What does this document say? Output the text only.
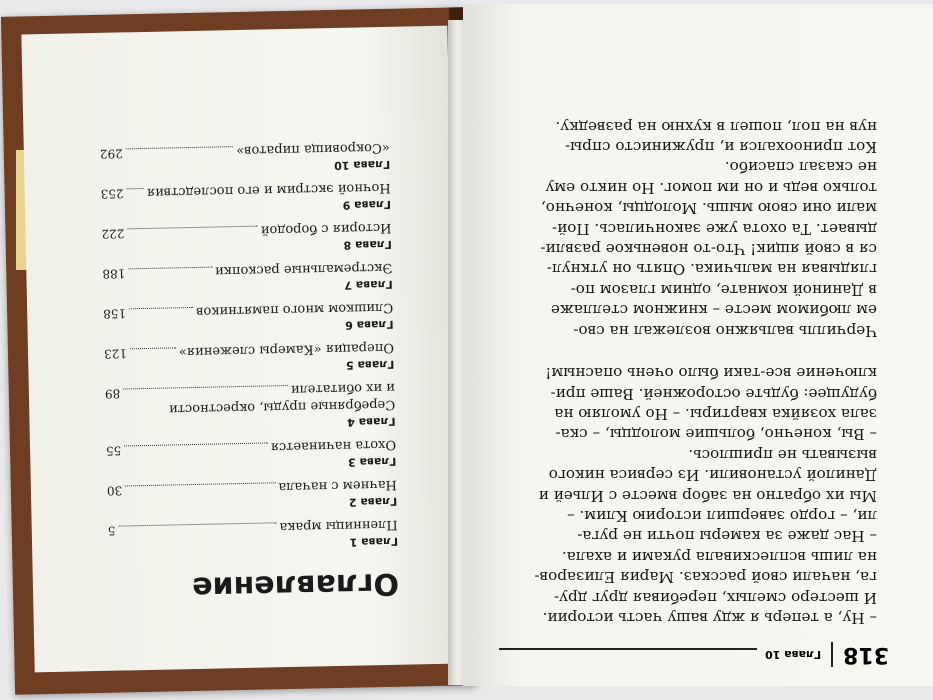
Оглавление
Глава 1
Пленницы мрака
5
Глава 2
Начнем с начала
30
Глава 3
Охота начинается
55
Глава 4
Серебряные пруды, окрестности
и их обитатели
89
Глава 5
Операция «Камеры слежения»
123
Глава 6
Слишком много памятников
158
Глава 7
Экстремальные раскопки
188
Глава 8
История с бородой
222
Глава 9
Ночной экстрим и его последствия
253
Глава 10
«Сокровища пиратов»
292
318
Глава 10

– Ну, а теперь я жду вашу часть истории.

И шестеро смелых, перебивая друг дру-

га, начали свой рассказ. Мария Елизаров-

на лишь всплескивала руками и ахала.

– Нас даже за камеры почти не руга-

ли, – гордо завершил историю Клим. –

Мы их обратно на забор вместе с Ильей и

Данилой установили. Из сервиса никого

вызывать не пришлось.

– Вы, конечно, большие молодцы, – ска-

зала хозяйка квартиры. – Но умоляю на

будущее: будьте осторожней. Ваше при-

ключение все-таки было очень опасным!

Черчилль вальяжно возлежал на сво-

ем любимом месте – книжном стеллаже

в Даниной комнате, одним глазом по-

глядывая на мальчика. Опять он уткнул-

ся в свой ящик! Что-то новенькое развли-

дывает. Та охота уже закончилась. Пой-

мали они свою мышь. Молодцы, конечно,

только ведь и он им помог. Но никто ему

не сказал спасибо.

Кот приноохался и, пружинисто спры-

нув на пол, пошел в кухню на разведку.
